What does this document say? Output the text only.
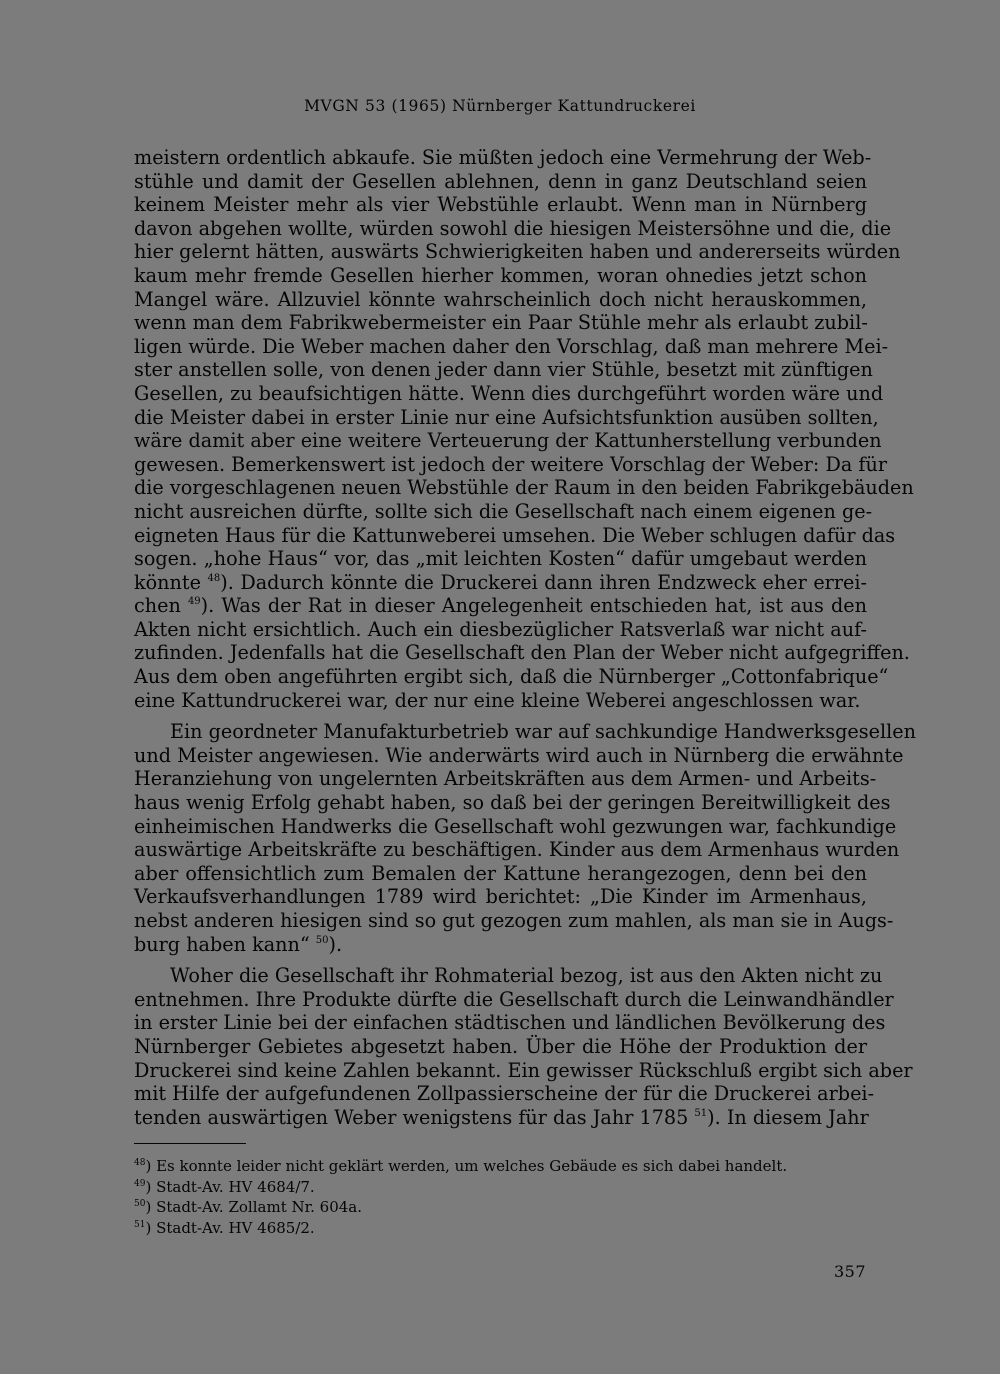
MVGN 53 (1965) Nürnberger Kattundruckerei

meistern ordentlich abkaufe. Sie müßten jedoch eine Vermehrung der Web-
stühle und damit der Gesellen ablehnen, denn in ganz Deutschland seien
keinem Meister mehr als vier Webstühle erlaubt. Wenn man in Nürnberg
davon abgehen wollte, würden sowohl die hiesigen Meistersöhne und die, die
hier gelernt hätten, auswärts Schwierigkeiten haben und andererseits würden
kaum mehr fremde Gesellen hierher kommen, woran ohnedies jetzt schon
Mangel wäre. Allzuviel könnte wahrscheinlich doch nicht herauskommen,
wenn man dem Fabrikwebermeister ein Paar Stühle mehr als erlaubt zubil-
ligen würde. Die Weber machen daher den Vorschlag, daß man mehrere Mei-
ster anstellen solle, von denen jeder dann vier Stühle, besetzt mit zünftigen
Gesellen, zu beaufsichtigen hätte. Wenn dies durchgeführt worden wäre und
die Meister dabei in erster Linie nur eine Aufsichtsfunktion ausüben sollten,
wäre damit aber eine weitere Verteuerung der Kattunherstellung verbunden
gewesen. Bemerkenswert ist jedoch der weitere Vorschlag der Weber: Da für
die vorgeschlagenen neuen Webstühle der Raum in den beiden Fabrikgebäuden
nicht ausreichen dürfte, sollte sich die Gesellschaft nach einem eigenen ge-
eigneten Haus für die Kattunweberei umsehen. Die Weber schlugen dafür das
sogen. „hohe Haus“ vor, das „mit leichten Kosten“ dafür umgebaut werden
könnte $^{48}$). Dadurch könnte die Druckerei dann ihren Endzweck eher errei-
chen $^{49}$). Was der Rat in dieser Angelegenheit entschieden hat, ist aus den
Akten nicht ersichtlich. Auch ein diesbezüglicher Ratsverlaß war nicht auf-
zufinden. Jedenfalls hat die Gesellschaft den Plan der Weber nicht aufgegriffen.
Aus dem oben angeführten ergibt sich, daß die Nürnberger „Cottonfabrique“
eine Kattundruckerei war, der nur eine kleine Weberei angeschlossen war.

Ein geordneter Manufakturbetrieb war auf sachkundige Handwerksgesellen
und Meister angewiesen. Wie anderwärts wird auch in Nürnberg die erwähnte
Heranziehung von ungelernten Arbeitskräften aus dem Armen- und Arbeits-
haus wenig Erfolg gehabt haben, so daß bei der geringen Bereitwilligkeit des
einheimischen Handwerks die Gesellschaft wohl gezwungen war, fachkundige
auswärtige Arbeitskräfte zu beschäftigen. Kinder aus dem Armenhaus wurden
aber offensichtlich zum Bemalen der Kattune herangezogen, denn bei den
Verkaufsverhandlungen 1789 wird berichtet: „Die Kinder im Armenhaus,
nebst anderen hiesigen sind so gut gezogen zum mahlen, als man sie in Augs-
burg haben kann“ $^{50}$).

Woher die Gesellschaft ihr Rohmaterial bezog, ist aus den Akten nicht zu
entnehmen. Ihre Produkte dürfte die Gesellschaft durch die Leinwandhändler
in erster Linie bei der einfachen städtischen und ländlichen Bevölkerung des
Nürnberger Gebietes abgesetzt haben. Über die Höhe der Produktion der
Druckerei sind keine Zahlen bekannt. Ein gewisser Rückschluß ergibt sich aber
mit Hilfe der aufgefundenen Zollpassierscheine der für die Druckerei arbei-
tenden auswärtigen Weber wenigstens für das Jahr 1785 $^{51}$). In diesem Jahr

$^{48}$) Es konnte leider nicht geklärt werden, um welches Gebäude es sich dabei handelt.
$^{49}$) Stadt-Av. HV 4684/7.
$^{50}$) Stadt-Av. Zollamt Nr. 604a.
$^{51}$) Stadt-Av. HV 4685/2.
357
